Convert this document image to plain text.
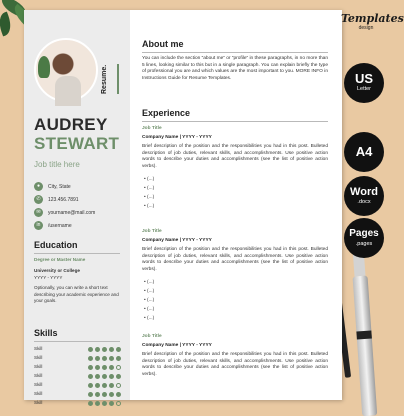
Resume.
AUDREY
STEWART
Job title here
●	City, State
✆	123.456.7891
✉	yourname@mail.com
in	/username
Education
Degree or Master Name
University or College
YYYY - YYYY
Optionally, you can write a short text describing your academic experience and your goals.
Skills
Skill
Skill
Skill
Skill
Skill
Skill
Skill
About me
You can include the section “about me” or “profile” in these paragraphs, in no more than 5 lines, looking similar to this but in a single paragraph. You can explain briefly the type of professional you are and which values are the most important to you. MORE INFO in Instructions Guide for Resume Templates.
Experience
Job Title
Company Name | YYYY - YYYY
Brief description of the position and the responsibilities you had in this post. Bulleted description of job duties, relevant skills, and accomplishments. Use positive action words to describe your duties and accomplishments (see the list of positive action verbs).
• (...)
• (...)
• (...)
• (...)
Job Title
Company Name | YYYY - YYYY
Brief description of the position and the responsibilities you had in this post. Bulleted description of job duties, relevant skills, and accomplishments. Use positive action words to describe your duties and accomplishments (see the list of positive action verbs).
• (...)
• (...)
• (...)
• (...)
• (...)
Job Title
Company Name | YYYY - YYYY
Brief description of the position and the responsibilities you had in this post. Bulleted description of job duties, relevant skills, and accomplishments. Use positive action words to describe your duties and accomplishments (see the list of positive action verbs).
Templates
design
US
Letter
A4
Word
.docx
Pages
.pages
